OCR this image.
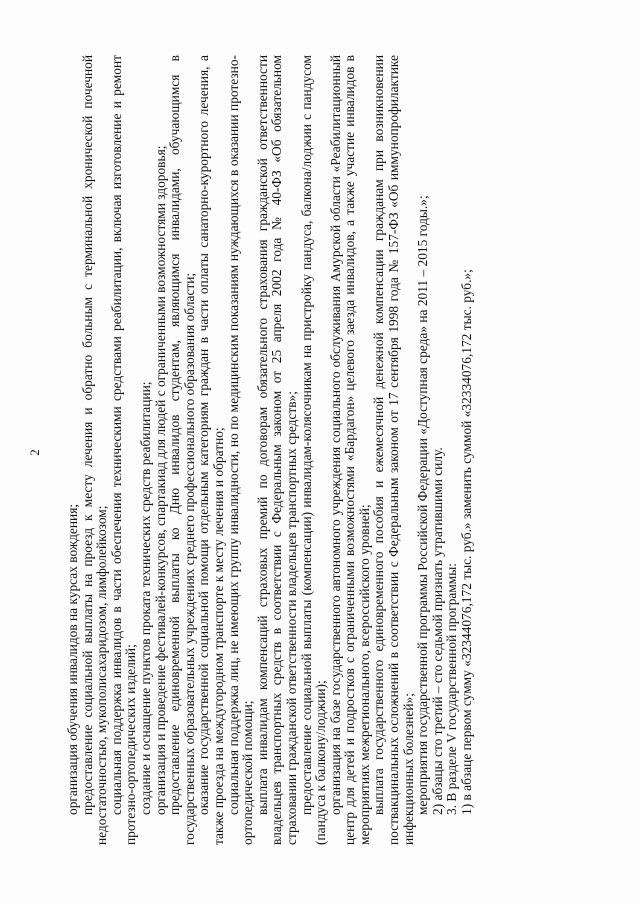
2

организация обучения инвалидов на курсах вождения; предоставление социальной выплаты на проезд к месту лечения и обратно больным с терминальной хронической почечной недостаточностью, мукополисахаридозом, лимфолейкозом; социальная поддержка инвалидов в части обеспечения техническими средствами реабилитации, включая изготовление и ремонт протезно-ортопедических изделий; создание и оснащение пунктов проката технических средств реабилитации; организация и проведение фестивалей-конкурсов, спартакиад для людей с ограниченными возможностями здоровья; предоставление единовременной выплаты ко Дню инвалидов студентам, являющимся инвалидами, обучающимся в государственных образовательных учреждениях среднего профессионального образования области; оказание государственной социальной помощи отдельным категориям граждан в части оплаты санаторно-курортного лечения, а также проезда на междугородном транспорте к месту лечения и обратно; социальная поддержка лиц, не имеющих группу инвалидности, но по медицинским показаниям нуждающихся в оказании протезно-ортопедической помощи; выплата инвалидам компенсаций страховых премий по договорам обязательного страхования гражданской ответственности владельцев транспортных средств в соответствии с Федеральным законом от 25 апреля 2002 года № 40-ФЗ «Об обязательном страховании гражданской ответственности владельцев транспортных средств»; предоставление социальной выплаты (компенсации) инвалидам-колясочникам на пристройку пандуса, балкона/лоджии с пандусом (пандуса к балкону/лоджии); организация на базе государственного автономного учреждения социального обслуживания Амурской области «Реабилитационный центр для детей и подростков с ограниченными возможностями «Бардагон» целевого заезда инвалидов, а также участие инвалидов в мероприятиях межрегионального, всероссийского уровней; выплата государственного единовременного пособия и ежемесячной денежной компенсации гражданам при возникновении поствакцинальных осложнений в соответствии с Федеральным законом от 17 сентября 1998 года № 157-ФЗ «Об иммунопрофилактике инфекционных болезней»; мероприятия государственной программы Российской Федерации «Доступная среда» на 2011 – 2015 годы.»; 2) абзацы сто третий – сто седьмой признать утратившими силу. 3. В разделе V государственной программы: 1) в абзаце первом сумму «32344076,172 тыс. руб.» заменить суммой «32334076,172 тыс. руб.»;
